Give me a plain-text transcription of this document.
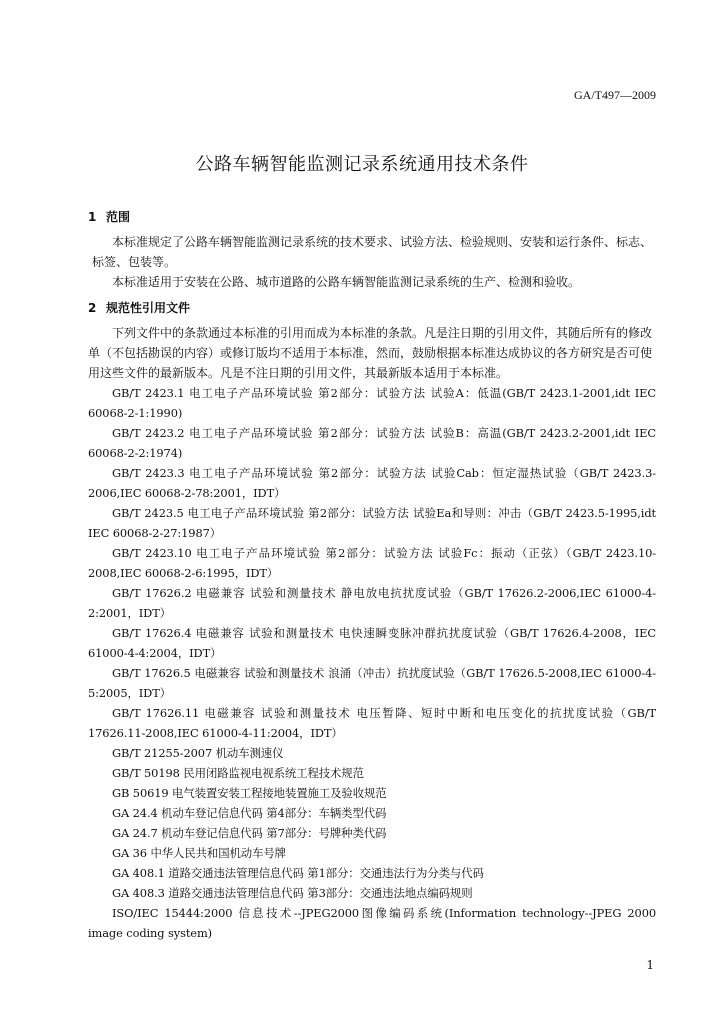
GA/T497—2009
公路车辆智能监测记录系统通用技术条件
1 范围

本标准规定了公路车辆智能监测记录系统的技术要求、试验方法、检验规则、安装和运行条件、标志、标签、包装等。

本标准适用于安装在公路、城市道路的公路车辆智能监测记录系统的生产、检测和验收。

2 规范性引用文件

下列文件中的条款通过本标准的引用而成为本标准的条款。凡是注日期的引用文件，其随后所有的修改单（不包括勘误的内容）或修订版均不适用于本标准，然而，鼓励根据本标准达成协议的各方研究是否可使用这些文件的最新版本。凡是不注日期的引用文件，其最新版本适用于本标准。

GB/T 2423.1 电工电子产品环境试验 第2部分：试验方法 试验A：低温(GB/T 2423.1-2001,idt IEC 60068-2-1:1990)

GB/T 2423.2 电工电子产品环境试验 第2部分：试验方法 试验B：高温(GB/T 2423.2-2001,idt IEC 60068-2-2:1974)

GB/T 2423.3 电工电子产品环境试验 第2部分：试验方法 试验Cab：恒定湿热试验（GB/T 2423.3-2006,IEC 60068-2-78:2001，IDT）

GB/T 2423.5 电工电子产品环境试验 第2部分：试验方法 试验Ea和导则：冲击（GB/T 2423.5-1995,idt IEC 60068-2-27:1987）

GB/T 2423.10 电工电子产品环境试验 第2部分：试验方法 试验Fc：振动（正弦）（GB/T 2423.10-2008,IEC 60068-2-6:1995，IDT）

GB/T 17626.2 电磁兼容 试验和测量技术 静电放电抗扰度试验（GB/T 17626.2-2006,IEC 61000-4-2:2001，IDT）

GB/T 17626.4 电磁兼容 试验和测量技术 电快速瞬变脉冲群抗扰度试验（GB/T 17626.4-2008，IEC 61000-4-4:2004，IDT）

GB/T 17626.5 电磁兼容 试验和测量技术 浪涌（冲击）抗扰度试验（GB/T 17626.5-2008,IEC 61000-4-5:2005，IDT）

GB/T 17626.11 电磁兼容 试验和测量技术 电压暂降、短时中断和电压变化的抗扰度试验（GB/T 17626.11-2008,IEC 61000-4-11:2004，IDT）

GB/T 21255-2007 机动车测速仪

GB/T 50198 民用闭路监视电视系统工程技术规范

GB 50619 电气装置安装工程接地装置施工及验收规范

GA 24.4 机动车登记信息代码 第4部分：车辆类型代码

GA 24.7 机动车登记信息代码 第7部分：号牌种类代码

GA 36 中华人民共和国机动车号牌

GA 408.1 道路交通违法管理信息代码 第1部分：交通违法行为分类与代码

GA 408.3 道路交通违法管理信息代码 第3部分：交通违法地点编码规则

ISO/IEC 15444:2000 信息技术--JPEG2000图像编码系统(Information technology--JPEG 2000 image coding system)

1
